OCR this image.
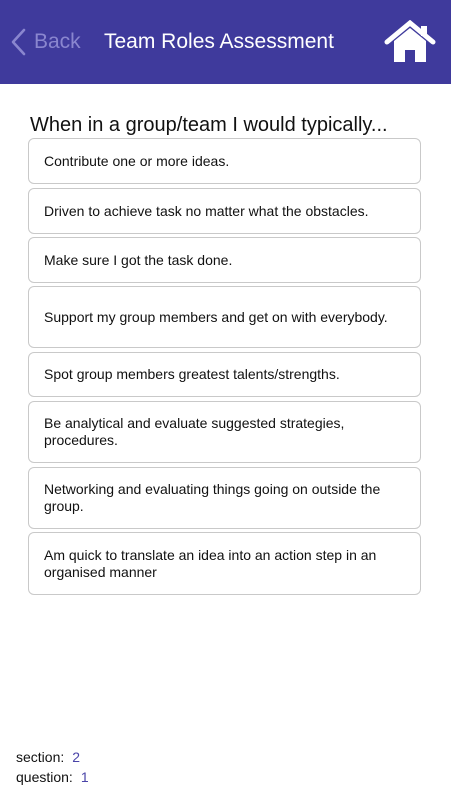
Back Team Roles Assessment
When in a group/team I would typically...
Contribute one or more ideas.
Driven to achieve task no matter what the obstacles.
Make sure I got the task done.
Support my group members and get on with everybody.
Spot group members greatest talents/strengths.
Be analytical and evaluate suggested strategies, procedures.
Networking and evaluating things going on outside the group.
Am quick to translate an idea into an action step in an organised manner
section: 2
question: 1
